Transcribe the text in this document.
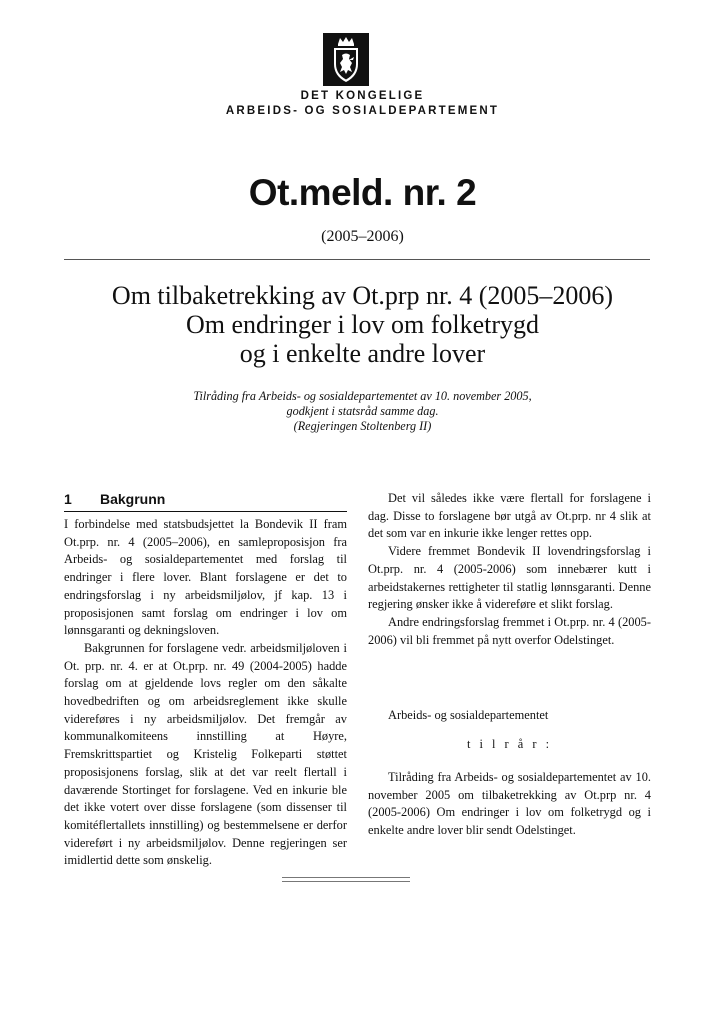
DET KONGELIGE
ARBEIDS- OG SOSIALDEPARTEMENT
Ot.meld. nr. 2
(2005–2006)
Om tilbaketrekking av Ot.prp nr. 4 (2005–2006)
Om endringer i lov om folketrygd
og i enkelte andre lover
Tilråding fra Arbeids- og sosialdepartementet av 10. november 2005,
godkjent i statsråd samme dag.
(Regjeringen Stoltenberg II)
1 Bakgrunn

I forbindelse med statsbudsjettet la Bondevik II fram Ot.prp. nr. 4 (2005–2006), en samleproposisjon fra Arbeids- og sosialdepartementet med forslag til endringer i flere lover. Blant forslagene er det to endringsforslag i ny arbeidsmiljølov, jf kap. 13 i proposisjonen samt forslag om endringer i lov om lønnsgaranti og dekningsloven.

Bakgrunnen for forslagene vedr. arbeidsmiljøloven i Ot. prp. nr. 4. er at Ot.prp. nr. 49 (2004-2005) hadde forslag om at gjeldende lovs regler om den såkalte hovedbedriften og om arbeidsreglement ikke skulle videreføres i ny arbeidsmiljølov. Det fremgår av kommunalkomiteens innstilling at Høyre, Fremskrittspartiet og Kristelig Folkeparti støttet proposisjonens forslag, slik at det var reelt flertall i daværende Stortinget for forslagene. Ved en inkurie ble det ikke votert over disse forslagene (som dissenser til komitéflertallets innstilling) og bestemmelsene er derfor videreført i ny arbeidsmiljølov. Denne regjeringen ser imidlertid dette som ønskelig.

Det vil således ikke være flertall for forslagene i dag. Disse to forslagene bør utgå av Ot.prp. nr 4 slik at det som var en inkurie ikke lenger rettes opp.

Videre fremmet Bondevik II lovendringsforslag i Ot.prp. nr. 4 (2005-2006) som innebærer kutt i arbeidstakernes rettigheter til statlig lønnsgaranti. Denne regjering ønsker ikke å videreføre et slikt forslag.

Andre endringsforslag fremmet i Ot.prp. nr. 4 (2005-2006) vil bli fremmet på nytt overfor Odelstinget.

Arbeids- og sosialdepartementet
t i l r å r :

Tilråding fra Arbeids- og sosialdepartementet av 10. november 2005 om tilbaketrekking av Ot.prp nr. 4 (2005-2006) Om endringer i lov om folketrygd og i enkelte andre lover blir sendt Odelstinget.
